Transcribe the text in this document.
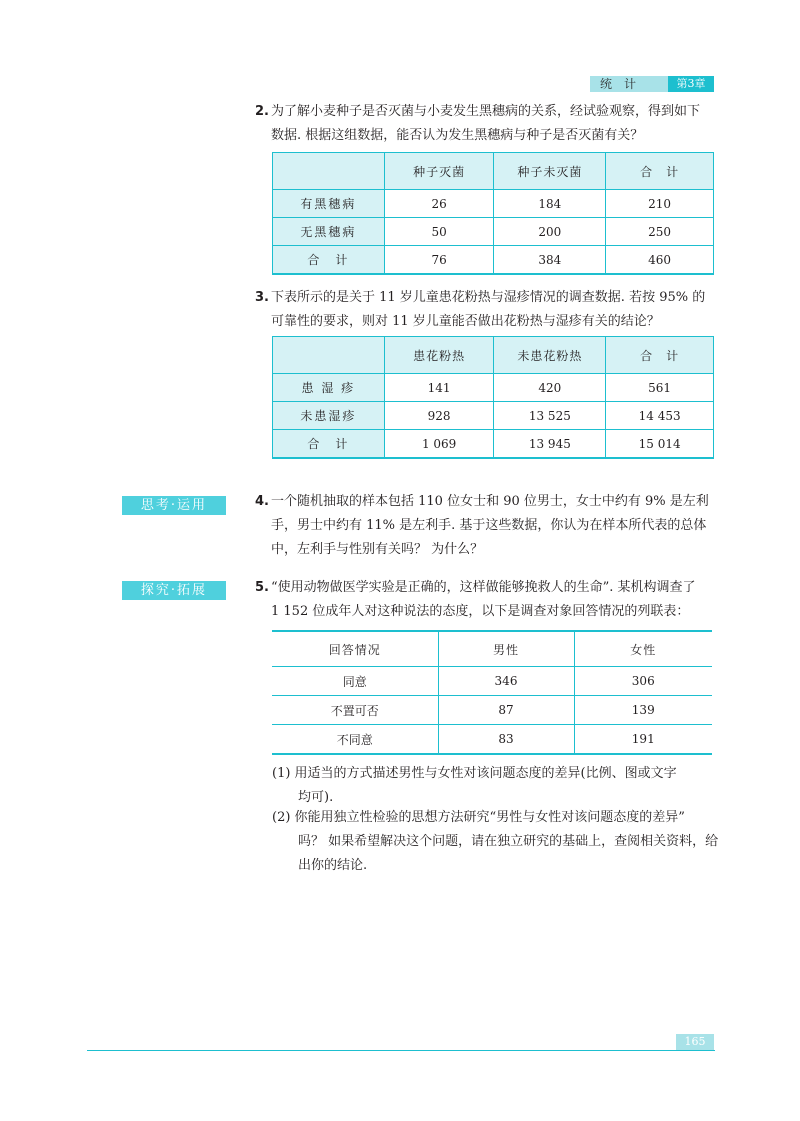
统计	第3章
2. 为了解小麦种子是否灭菌与小麦发生黑穗病的关系，经试验观察，得到如下
数据. 根据这组数据，能否认为发生黑穗病与种子是否灭菌有关？
	种子灭菌	种子未灭菌	合　计
有黑穗病	26	184	210
无黑穗病	50	200	250
合　计	76	384	460
3. 下表所示的是关于 11 岁儿童患花粉热与湿疹情况的调查数据. 若按 95% 的
可靠性的要求，则对 11 岁儿童能否做出花粉热与湿疹有关的结论？
	患花粉热	未患花粉热	合　计
患 湿 疹	141	420	561
未患湿疹	928	13 525	14 453
合　计	1 069	13 945	15 014
思考·运用	4. 一个随机抽取的样本包括 110 位女士和 90 位男士，女士中约有 9% 是左利
手，男士中约有 11% 是左利手. 基于这些数据，你认为在样本所代表的总体
中，左利手与性别有关吗？ 为什么？
探究·拓展	5. “使用动物做医学实验是正确的，这样做能够挽救人的生命”. 某机构调查了
1 152 位成年人对这种说法的态度，以下是调查对象回答情况的列联表：
回答情况	男性	女性
同意	346	306
不置可否	87	139
不同意	83	191
(1) 用适当的方式描述男性与女性对该问题态度的差异(比例、图或文字
均可).
(2) 你能用独立性检验的思想方法研究“男性与女性对该问题态度的差异”
吗？ 如果希望解决这个问题，请在独立研究的基础上，查阅相关资料，给
出你的结论.
165
